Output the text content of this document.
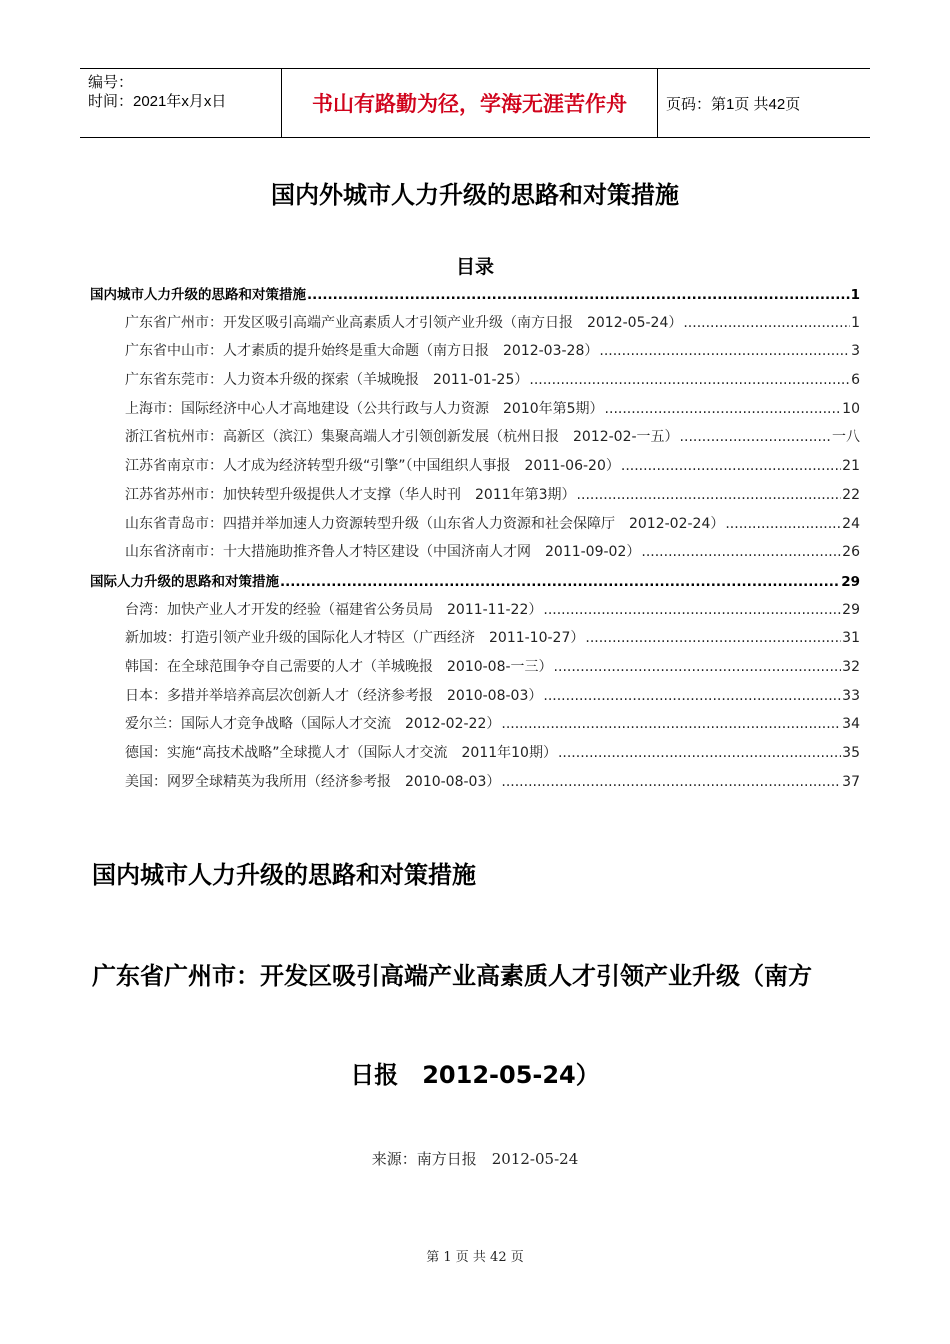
编号：
时间：2021年x月x日	书山有路勤为径，学海无涯苦作舟	页码：第1页 共42页
国内外城市人力升级的思路和对策措施
目录
国内城市人力升级的思路和对策措施 .....	1
广东省广州市：开发区吸引高端产业高素质人才引领产业升级（南方日报　2012-05-24） .....	1
广东省中山市：人才素质的提升始终是重大命题（南方日报　2012-03-28） .....	3
广东省东莞市：人力资本升级的探索（羊城晚报　2011-01-25） .....	6
上海市：国际经济中心人才高地建设（公共行政与人力资源　2010年第5期） .....	10
浙江省杭州市：高新区（滨江）集聚高端人才引领创新发展（杭州日报　2012-02-一五） .....	一八
江苏省南京市：人才成为经济转型升级“引擎”（中国组织人事报　2011-06-20） .....	21
江苏省苏州市：加快转型升级提供人才支撑（华人时刊　2011年第3期） .....	22
山东省青岛市：四措并举加速人力资源转型升级（山东省人力资源和社会保障厅　2012-02-24） .....	24
山东省济南市：十大措施助推齐鲁人才特区建设（中国济南人才网　2011-09-02） .....	26
国际人力升级的思路和对策措施 .....	29
台湾：加快产业人才开发的经验（福建省公务员局　2011-11-22） .....	29
新加坡：打造引领产业升级的国际化人才特区（广西经济　2011-10-27） .....	31
韩国：在全球范围争夺自己需要的人才（羊城晚报　2010-08-一三） .....	32
日本：多措并举培养高层次创新人才（经济参考报　2010-08-03） .....	33
爱尔兰：国际人才竞争战略（国际人才交流　2012-02-22） .....	34
德国：实施“高技术战略”全球揽人才（国际人才交流　2011年10期） .....	35
美国：网罗全球精英为我所用（经济参考报　2010-08-03） .....	37
国内城市人力升级的思路和对策措施
广东省广州市：开发区吸引高端产业高素质人才引领产业升级（南方
日报　2012-05-24）
来源：南方日报　2012-05-24
第 1 页 共 42 页
